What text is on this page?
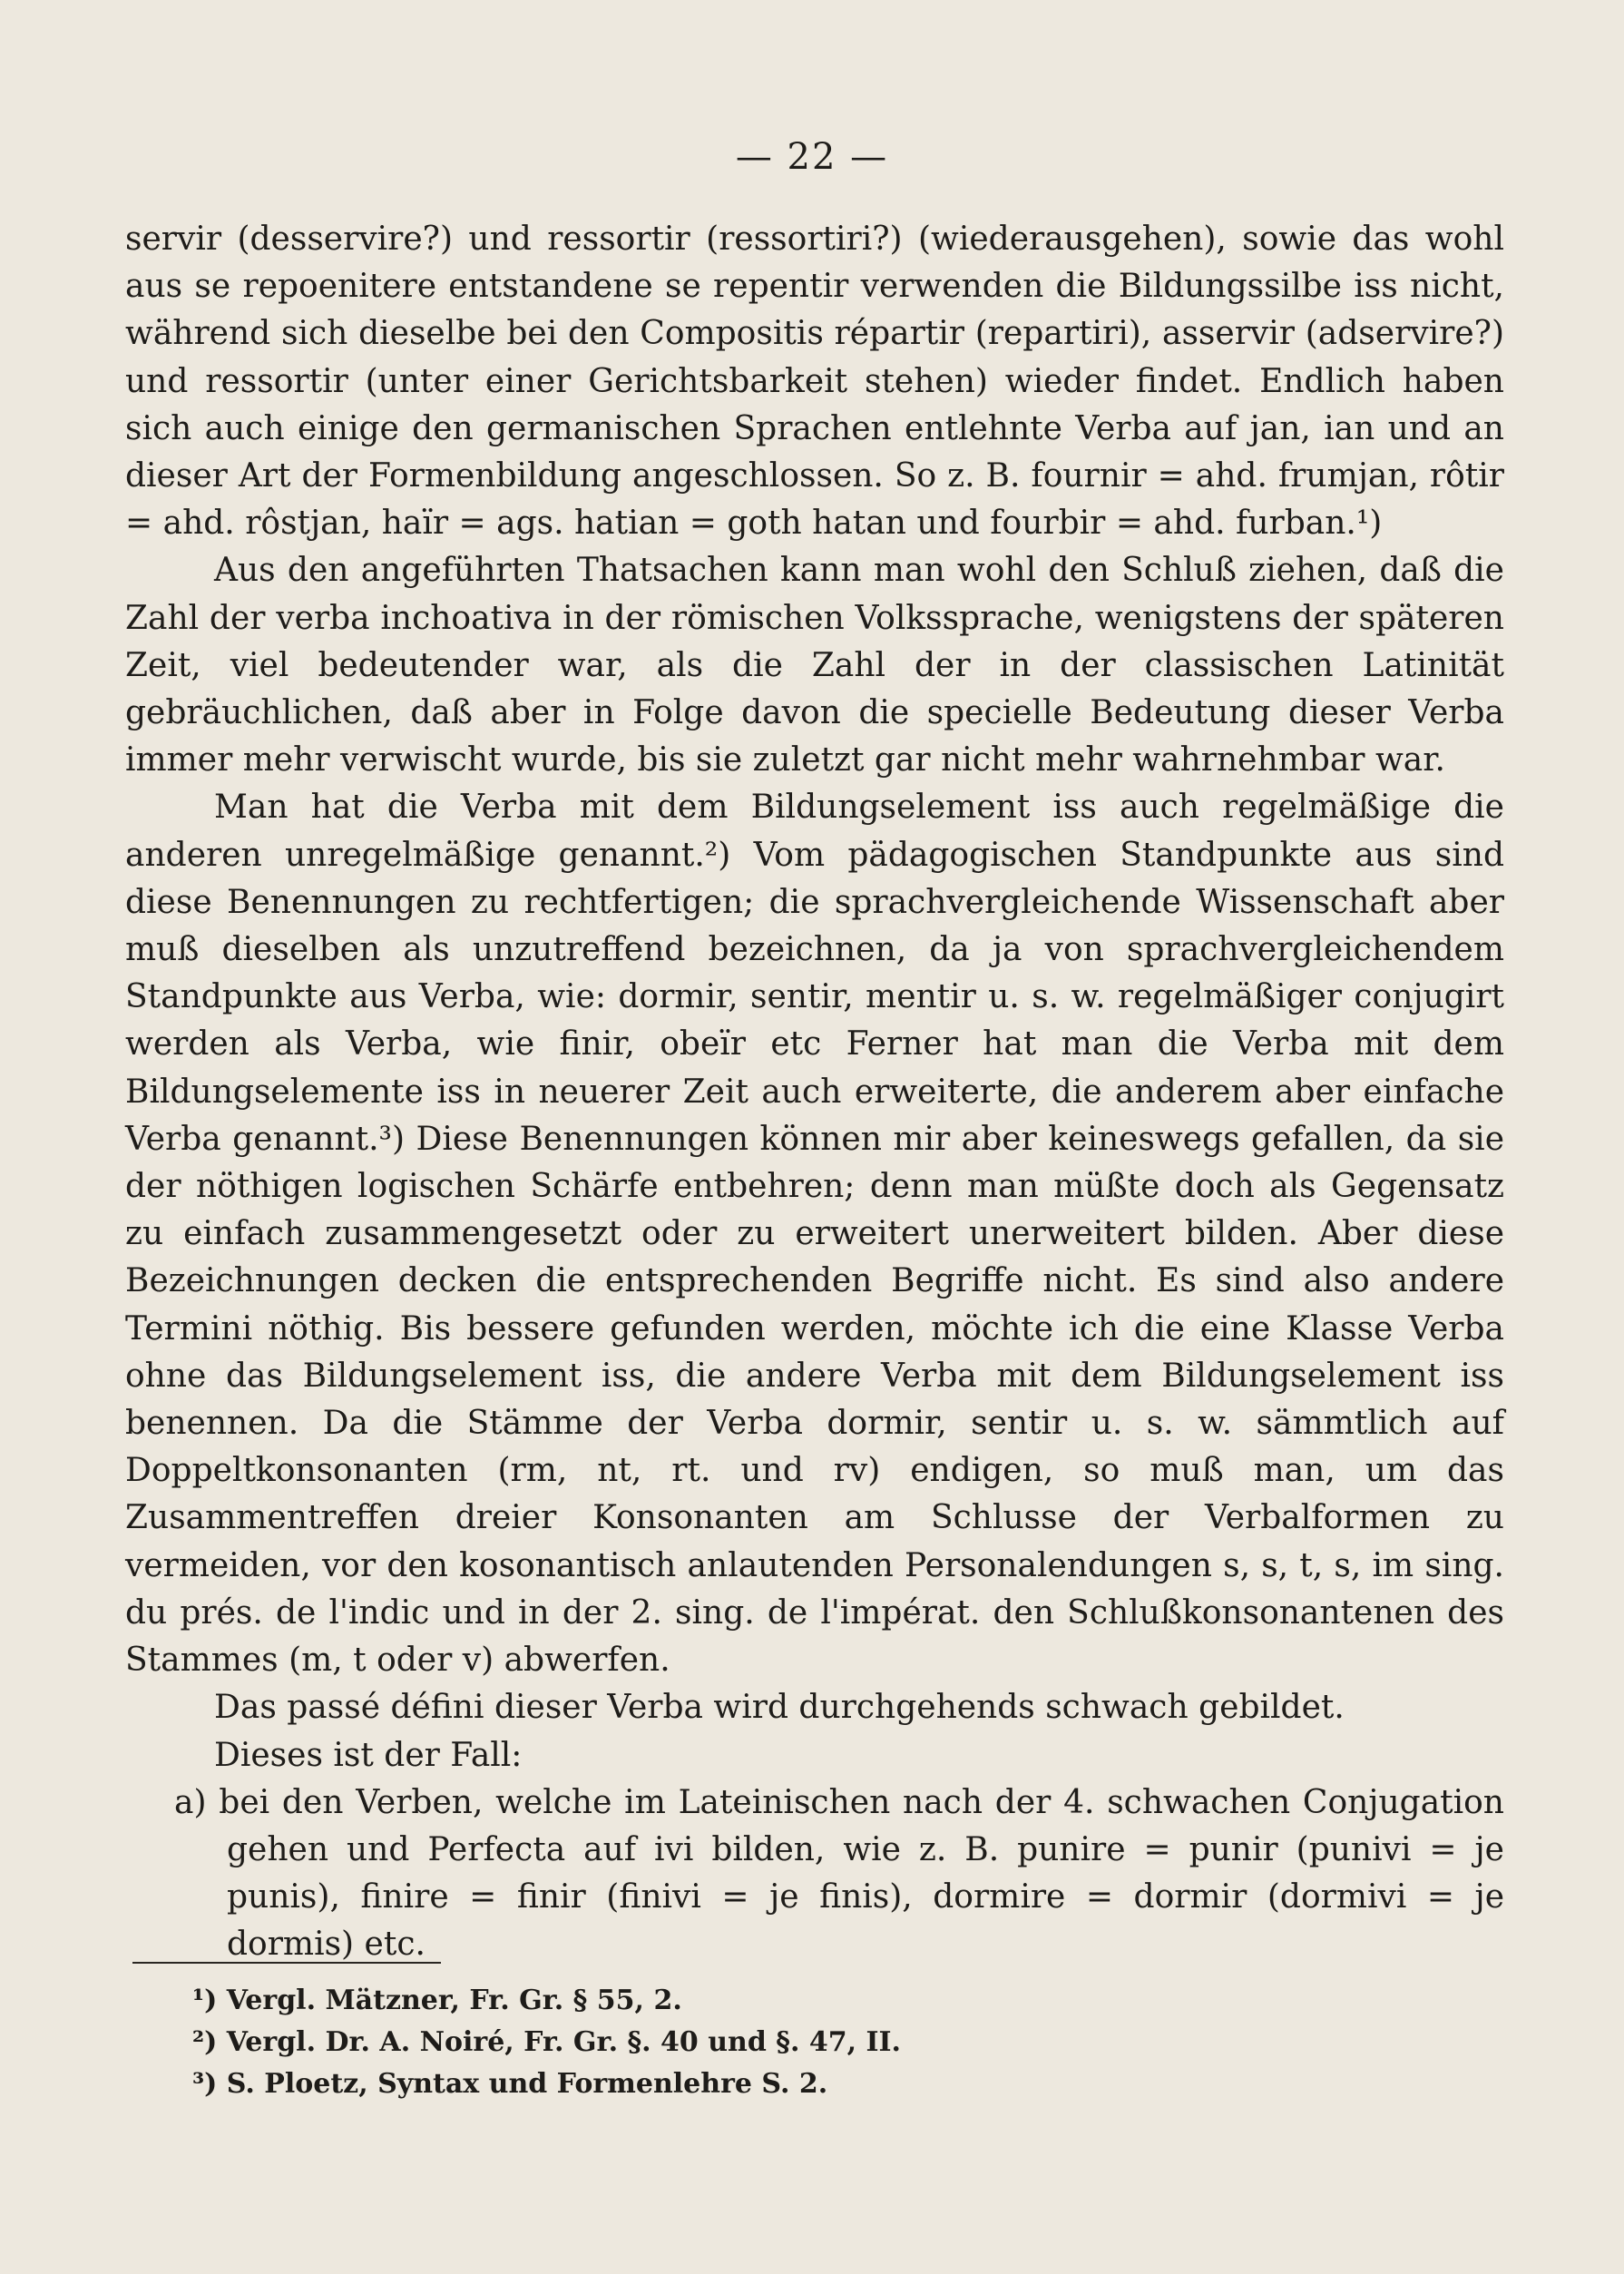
— 22 —

servir (desservire?) und ressortir (ressortiri?) (wiederausgehen), sowie das wohl aus se repoenitere entstandene se repentir verwenden die Bildungssilbe iss nicht, während sich dieselbe bei den Compositis répartir (repartiri), asservir (adservire?) und ressortir (unter einer Gerichtsbarkeit stehen) wieder findet. Endlich haben sich auch einige den germanischen Sprachen entlehnte Verba auf jan, ian und an dieser Art der Formenbildung angeschlossen. So z. B. fournir = ahd. frumjan, rôtir = ahd. rôstjan, haïr = ags. hatian = goth hatan und fourbir = ahd. furban.¹)

Aus den angeführten Thatsachen kann man wohl den Schluß ziehen, daß die Zahl der verba inchoativa in der römischen Volkssprache, wenigstens der späteren Zeit, viel bedeutender war, als die Zahl der in der classischen Latinität gebräuchlichen, daß aber in Folge davon die specielle Bedeutung dieser Verba immer mehr verwischt wurde, bis sie zuletzt gar nicht mehr wahrnehmbar war.

Man hat die Verba mit dem Bildungselement iss auch regelmäßige die anderen unregelmäßige genannt.²) Vom pädagogischen Standpunkte aus sind diese Benennungen zu rechtfertigen; die sprachvergleichende Wissenschaft aber muß dieselben als unzutreffend bezeichnen, da ja von sprachvergleichendem Standpunkte aus Verba, wie: dormir, sentir, mentir u. s. w. regelmäßiger conjugirt werden als Verba, wie finir, obeïr etc Ferner hat man die Verba mit dem Bildungselemente iss in neuerer Zeit auch erweiterte, die anderem aber einfache Verba genannt.³) Diese Benennungen können mir aber keineswegs gefallen, da sie der nöthigen logischen Schärfe entbehren; denn man müßte doch als Gegensatz zu einfach zusammengesetzt oder zu erweitert unerweitert bilden. Aber diese Bezeichnungen decken die entsprechenden Begriffe nicht. Es sind also andere Termini nöthig. Bis bessere gefunden werden, möchte ich die eine Klasse Verba ohne das Bildungselement iss, die andere Verba mit dem Bildungselement iss benennen. Da die Stämme der Verba dormir, sentir u. s. w. sämmtlich auf Doppeltkonsonanten (rm, nt, rt. und rv) endigen, so muß man, um das Zusammentreffen dreier Konsonanten am Schlusse der Verbalformen zu vermeiden, vor den kosonantisch anlautenden Personalendungen s, s, t, s, im sing. du prés. de l'indic und in der 2. sing. de l'impérat. den Schlußkonsonantenen des Stammes (m, t oder v) abwerfen.

Das passé défini dieser Verba wird durchgehends schwach gebildet.

Dieses ist der Fall:

a) bei den Verben, welche im Lateinischen nach der 4. schwachen Conjugation gehen und Perfecta auf ivi bilden, wie z. B. punire = punir (punivi = je punis), finire = finir (finivi = je finis), dormire = dormir (dormivi = je dormis) etc.

¹) Vergl. Mätzner, Fr. Gr. § 55, 2.
²) Vergl. Dr. A. Noiré, Fr. Gr. §. 40 und §. 47, II.
³) S. Ploetz, Syntax und Formenlehre S. 2.
